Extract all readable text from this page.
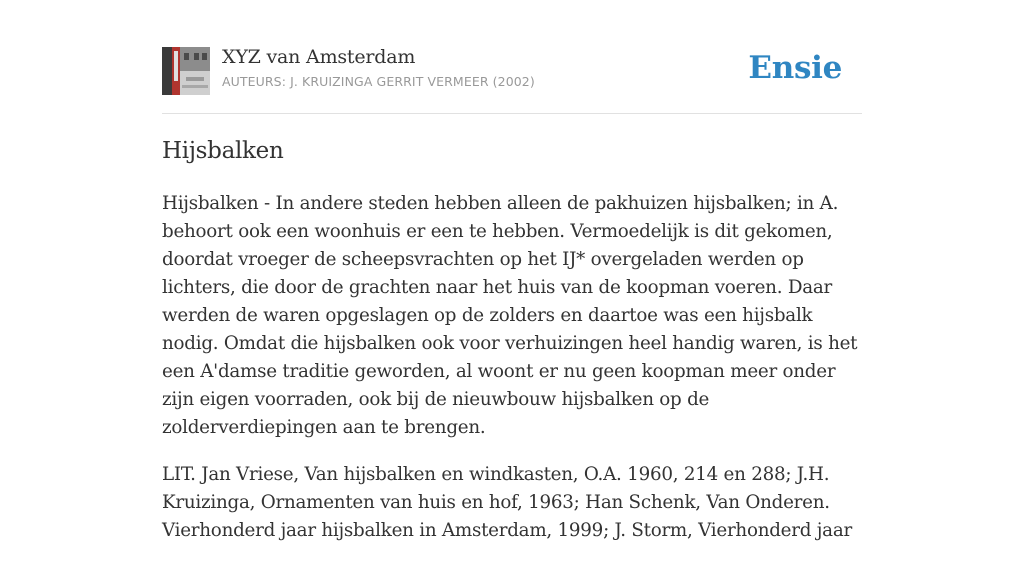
XYZ van Amsterdam
AUTEURS: J. KRUIZINGA GERRIT VERMEER (2002)	Ensie
Hijsbalken

Hijsbalken - In andere steden hebben alleen de pakhuizen hijsbalken; in A. behoort ook een woonhuis er een te hebben. Vermoedelijk is dit gekomen, doordat vroeger de scheepsvrachten op het IJ* overgeladen werden op lichters, die door de grachten naar het huis van de koopman voeren. Daar werden de waren opgeslagen op de zolders en daartoe was een hijsbalk nodig. Omdat die hijsbalken ook voor verhuizingen heel handig waren, is het een A'damse traditie geworden, al woont er nu geen koopman meer onder zijn eigen voorraden, ook bij de nieuwbouw hijsbalken op de zolderverdiepingen aan te brengen.

LIT. Jan Vriese, Van hijsbalken en windkasten, O.A. 1960, 214 en 288; J.H. Kruizinga, Ornamenten van huis en hof, 1963; Han Schenk, Van Onderen. Vierhonderd jaar hijsbalken in Amsterdam, 1999; J. Storm, Vierhonderd jaar
